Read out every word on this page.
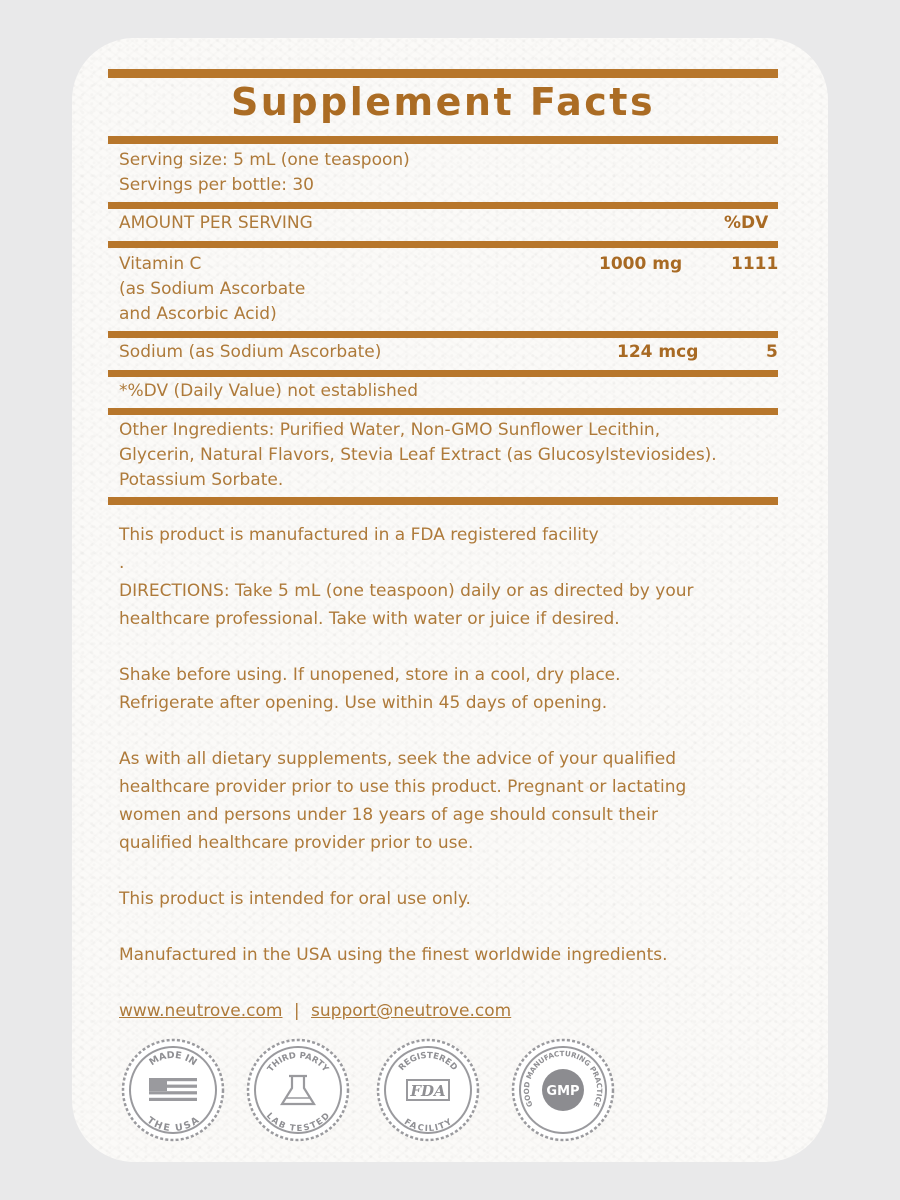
Supplement Facts
Serving size: 5 mL (one teaspoon)
Servings per bottle: 30
AMOUNT PER SERVING	%DV
Vitamin C
(as Sodium Ascorbate
and Ascorbic Acid)
1000 mg	1111
Sodium (as Sodium Ascorbate)	124 mcg	5
*%DV (Daily Value) not established
Other Ingredients: Purified Water, Non-GMO Sunflower Lecithin,
Glycerin, Natural Flavors, Stevia Leaf Extract (as Glucosylsteviosides).
Potassium Sorbate.
This product is manufactured in a FDA registered facility
.
DIRECTIONS: Take 5 mL (one teaspoon) daily or as directed by your
healthcare professional. Take with water or juice if desired.
Shake before using. If unopened, store in a cool, dry place.
Refrigerate after opening. Use within 45 days of opening.
As with all dietary supplements, seek the advice of your qualified
healthcare provider prior to use this product. Pregnant or lactating
women and persons under 18 years of age should consult their
qualified healthcare provider prior to use.
This product is intended for oral use only.
Manufactured in the USA using the finest worldwide ingredients.
www.neutrove.com | support@neutrove.com
MADE IN
THE USA
THIRD PARTY
LAB TESTED
REGISTERED
FDA
FACILITY
GOOD MANUFACTURING PRACTICE
GMP
